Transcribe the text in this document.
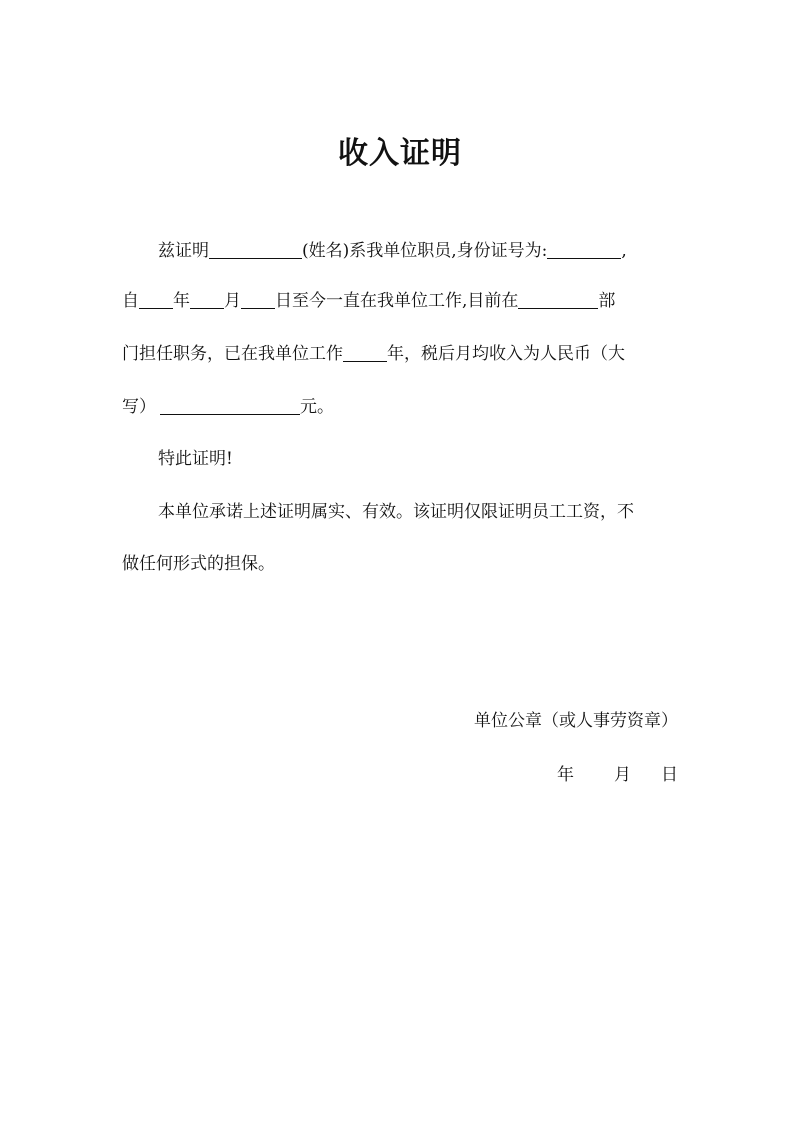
收入证明
兹证明	(姓名)系我单位职员,身份证号为:	,
自 年 月 日至今一直在我单位工作,目前在	部
门担任职务，已在我单位工作	年，税后月均收入为人民币（大
写）	元。
特此证明!
本单位承诺上述证明属实、有效。该证明仅限证明员工工资，不
做任何形式的担保。
单位公章（或人事劳资章）
年 月 日
